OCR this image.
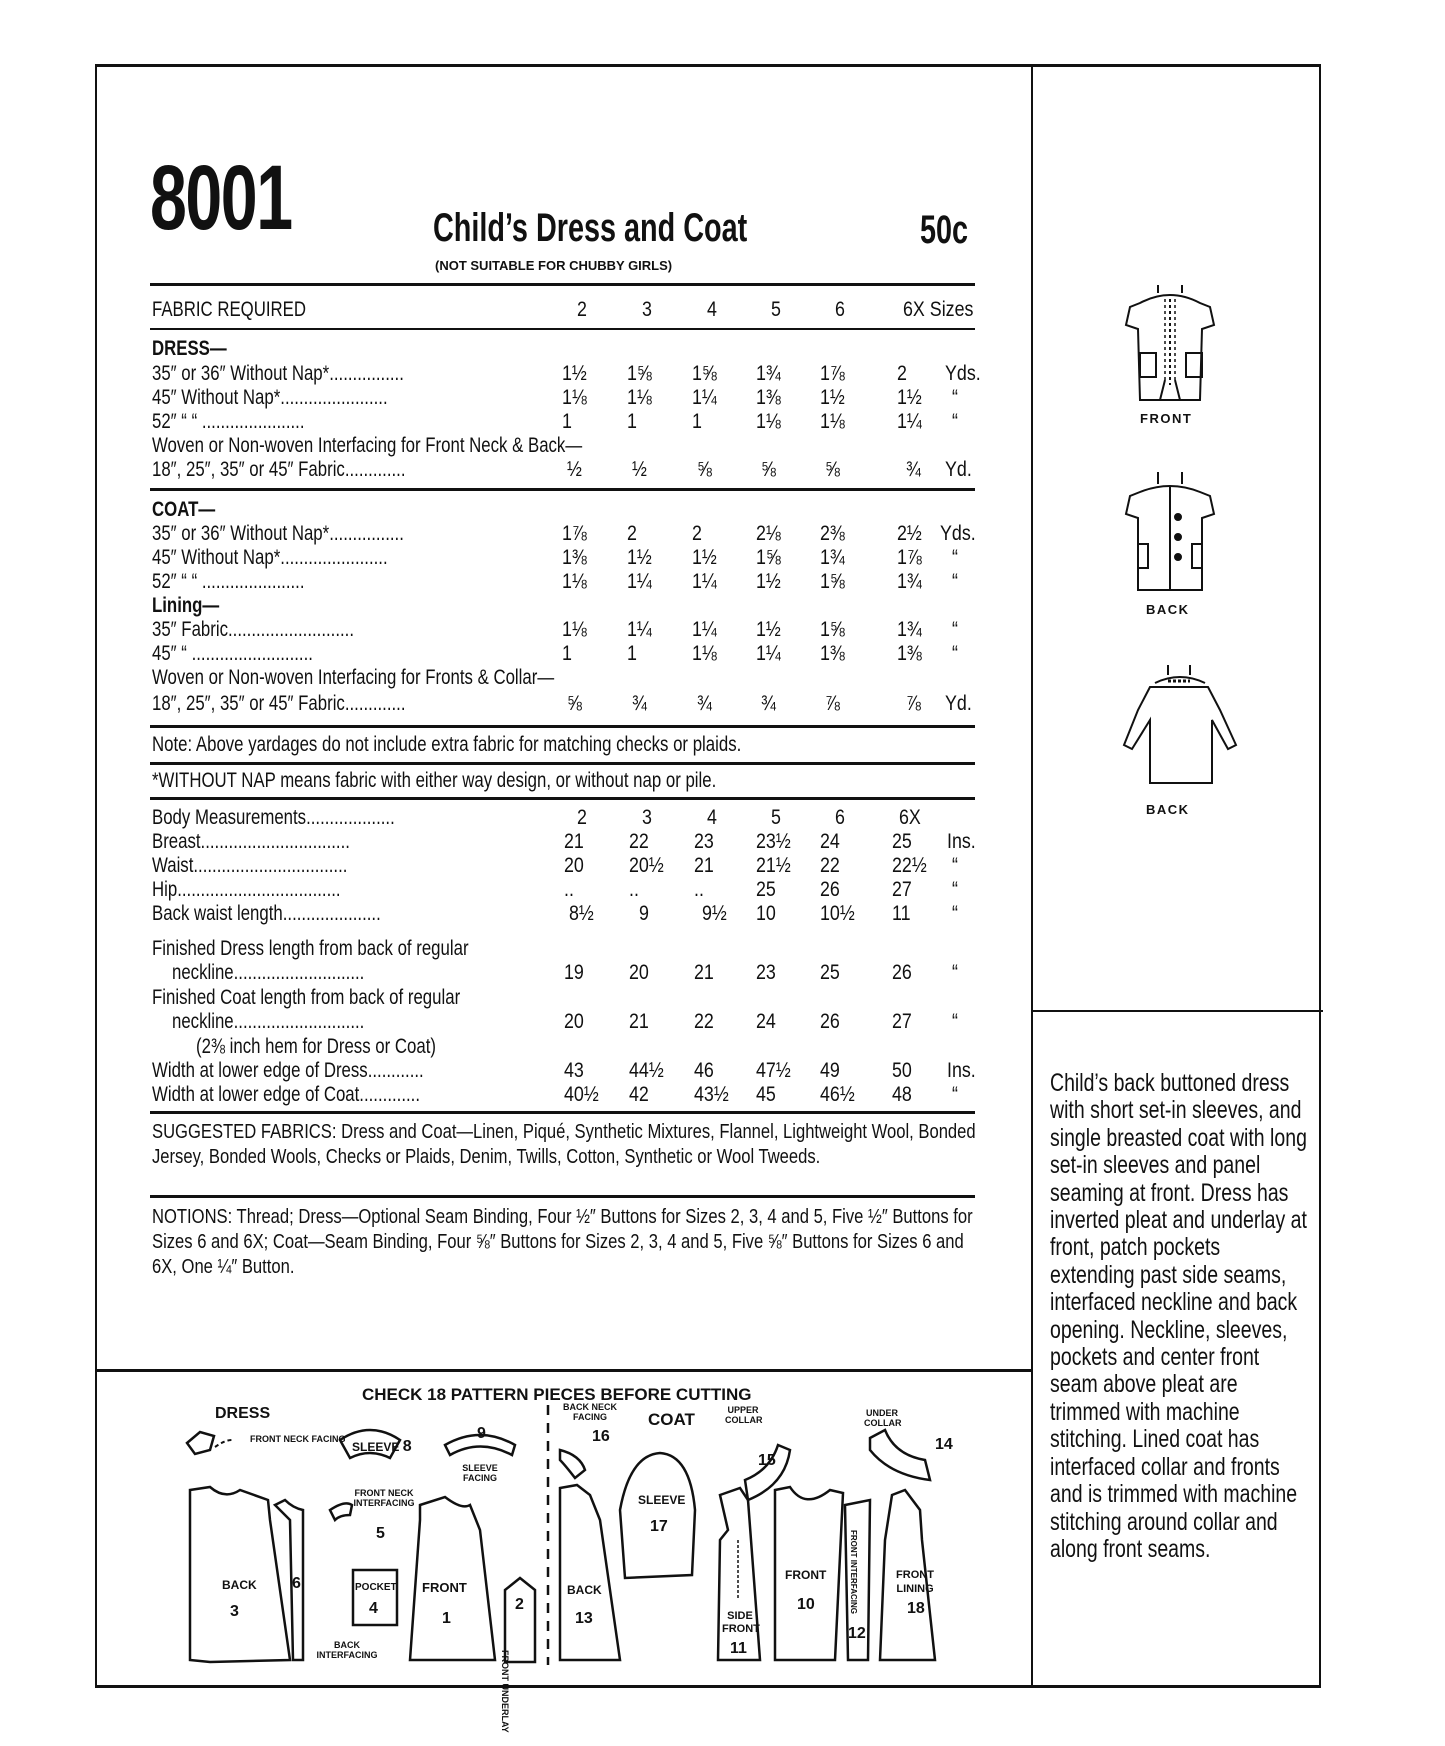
8001	Child’s Dress and Coat
(NOT SUITABLE FOR CHUBBY GIRLS)
50c
FABRIC REQUIRED	2	3	4	5	6	6X Sizes
DRESS—
35″ or 36″ Without Nap*................	1½ 1⅝ 1⅝ 1¾ 1⅞ 2 Yds.
45″ Without Nap*.......................	1⅛ 1⅛ 1¼ 1⅜ 1½ 1½ “
52″ “ “ ......................	1	1	1	1⅛ 1⅛ 1¼ “
Woven or Non-woven Interfacing for Front Neck & Back—
18″, 25″, 35″ or 45″ Fabric.............	½ ½ ⅝ ⅝ ⅝	¾ Yd.
COAT—
35″ or 36″ Without Nap*................	1⅞ 2	2	2⅛ 2⅜ 2½ Yds.
45″ Without Nap*.......................	1⅜ 1½ 1½ 1⅝ 1¾ 1⅞ “
52″ “ “ ......................	1⅛ 1¼ 1¼ 1½ 1⅝ 1¾ “
Lining—
35″ Fabric...........................	1⅛ 1¼ 1¼ 1½ 1⅝ 1¾ “
45″ “ ..........................	1	1	1⅛ 1¼ 1⅜ 1⅜ “
Woven or Non-woven Interfacing for Fronts & Collar—
18″, 25″, 35″ or 45″ Fabric.............	⅝ ¾ ¾ ¾ ⅞	⅞ Yd.
Note: Above yardages do not include extra fabric for matching checks or plaids.
*WITHOUT NAP means fabric with either way design, or without nap or pile.
Body Measurements...................	2	3	4	5	6	6X
Breast................................	21 22 23 23½ 24 25 Ins.
Waist.................................	20 20½ 21 21½ 22 22½ “
Hip...................................	..	..	.. 25 26 27 “
Back waist length.....................	8½ 9	9½ 10 10½ 11 “
Finished Dress length from back of regular
neckline............................	19 20 21 23 25 26 “
Finished Coat length from back of regular
neckline............................	20 21 22 24 26 27 “
(2⅜ inch hem for Dress or Coat)
Width at lower edge of Dress............	43 44½ 46 47½ 49 50 Ins.
Width at lower edge of Coat.............	40½ 42 43½ 45 46½ 48 “
SUGGESTED FABRICS: Dress and Coat—Linen, Piqué, Synthetic Mixtures, Flannel, Lightweight Wool, Bonded Jersey, Bonded Wools, Checks or Plaids, Denim, Twills, Cotton, Synthetic or Wool Tweeds.
NOTIONS: Thread; Dress—Optional Seam Binding, Four ½″ Buttons for Sizes 2, 3, 4 and 5, Five ½″ Buttons for Sizes 6 and 6X; Coat—Seam Binding, Four ⅝″ Buttons for Sizes 2, 3, 4 and 5, Five ⅝″ Buttons for Sizes 6 and 6X, One ¼″ Button.
FRONT
BACK
BACK
Child’s back buttoned dress with short set-in sleeves, and single breasted coat with long set-in sleeves and panel seaming at front. Dress has inverted pleat and underlay at front, patch pockets extending past side seams, interfaced neckline and back opening. Neckline, sleeves, pockets and center front seam above pleat are trimmed with machine stitching. Lined coat has interfaced collar and fronts and is trimmed with machine stitching around collar and along front seams.
CHECK 18 PATTERN PIECES BEFORE CUTTING
DRESS	COAT
FRONT NECK FACING
SLEEVE 8
9
SLEEVE FACING
FRONT NECK INTERFACING
5
BACK
3
6
BACK INTERFACING
POCKET
4
FRONT
1
2
FRONT UNDERLAY
BACK NECK FACING
16
UPPER COLLAR
15
UNDER COLLAR
14
BACK
13
SLEEVE
17
SIDE FRONT
11
FRONT
10	FRONT INTERFACING
12
FRONT LINING
18
